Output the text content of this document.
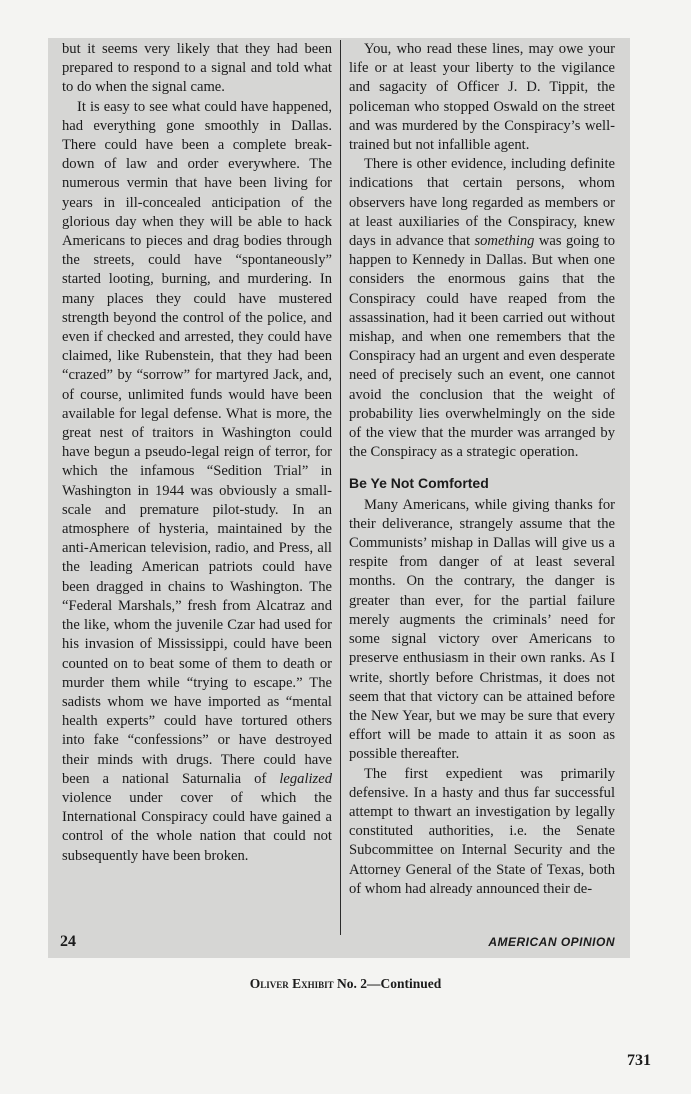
but it seems very likely that they had been prepared to respond to a signal and told what to do when the signal came.

It is easy to see what could have happened, had everything gone smoothly in Dallas. There could have been a complete break-down of law and order everywhere. The numerous vermin that have been living for years in ill-concealed anticipation of the glorious day when they will be able to hack Americans to pieces and drag bodies through the streets, could have “spontaneously” started looting, burning, and murdering. In many places they could have mustered strength beyond the control of the police, and even if checked and arrested, they could have claimed, like Rubenstein, that they had been “crazed” by “sorrow” for martyred Jack, and, of course, unlimited funds would have been available for legal defense. What is more, the great nest of traitors in Washington could have begun a pseudo-legal reign of terror, for which the infamous “Sedition Trial” in Washington in 1944 was obviously a small-scale and premature pilot-study. In an atmosphere of hysteria, maintained by the anti-American television, radio, and Press, all the leading American patriots could have been dragged in chains to Washington. The “Federal Marshals,” fresh from Alcatraz and the like, whom the juvenile Czar had used for his invasion of Mississippi, could have been counted on to beat some of them to death or murder them while “trying to escape.” The sadists whom we have imported as “mental health experts” could have tortured others into fake “confessions” or have destroyed their minds with drugs. There could have been a national Saturnalia of legalized violence under cover of which the International Conspiracy could have gained a control of the whole nation that could not subsequently have been broken.

You, who read these lines, may owe your life or at least your liberty to the vigilance and sagacity of Officer J. D. Tippit, the policeman who stopped Oswald on the street and was murdered by the Conspiracy’s well-trained but not infallible agent.

There is other evidence, including definite indications that certain persons, whom observers have long regarded as members or at least auxiliaries of the Conspiracy, knew days in advance that something was going to happen to Kennedy in Dallas. But when one considers the enormous gains that the Conspiracy could have reaped from the assassination, had it been carried out without mishap, and when one remembers that the Conspiracy had an urgent and even desperate need of precisely such an event, one cannot avoid the conclusion that the weight of probability lies overwhelmingly on the side of the view that the murder was arranged by the Conspiracy as a strategic operation.

Be Ye Not Comforted

Many Americans, while giving thanks for their deliverance, strangely assume that the Communists’ mishap in Dallas will give us a respite from danger of at least several months. On the contrary, the danger is greater than ever, for the partial failure merely augments the criminals’ need for some signal victory over Americans to preserve enthusiasm in their own ranks. As I write, shortly before Christmas, it does not seem that that victory can be attained before the New Year, but we may be sure that every effort will be made to attain it as soon as possible thereafter.

The first expedient was primarily defensive. In a hasty and thus far successful attempt to thwart an investigation by legally constituted authorities, i.e. the Senate Subcommittee on Internal Security and the Attorney General of the State of Texas, both of whom had already announced their de-

24	AMERICAN OPINION
Oliver Exhibit No. 2—Continued
731
